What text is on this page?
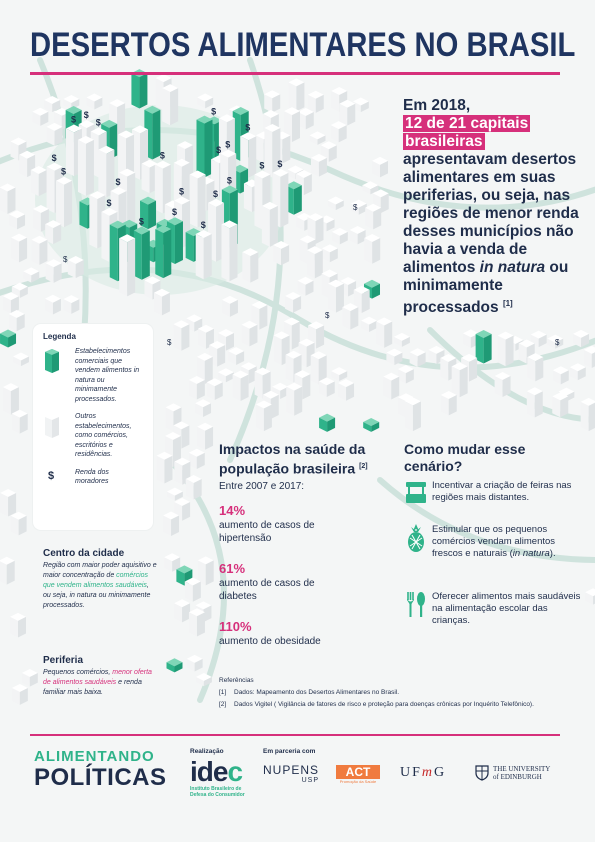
$	$
$ $	$
$
$
$	$
$
$
$
$
$
$
$
$
$
$
$
$
$
$
$
$
DESERTOS ALIMENTARES NO BRASIL
Em 2018,
12 de 21 capitais
brasileiras
apresentavam desertos alimentares em suas periferias, ou seja, nas regiões de menor renda desses municípios não havia a venda de alimentos in natura ou minimamente processados [1]
Legenda
Estabelecimentos comerciais que vendem alimentos in natura ou minimamente processados.
Outros estabelecimentos, como comércios, escritórios e residências.
$	Renda dos moradores
Centro da cidade
Região com maior poder aquisitivo e maior concentração de comércios que vendem alimentos saudáveis, ou seja, in natura ou minimamente processados.
Periferia
Pequenos comércios, menor oferta de alimentos saudáveis e renda familiar mais baixa.
Impactos na saúde da
população brasileira [2]
Entre 2007 e 2017:
14%
aumento de casos de
hipertensão
61%
aumento de casos de
diabetes
110%
aumento de obesidade
Como mudar esse
cenário?
Incentivar a criação de feiras nas regiões mais distantes.
Estimular que os pequenos comércios vendam alimentos frescos e naturais (in natura).
Oferecer alimentos mais saudáveis na alimentação escolar das crianças.
Referências
[1]	Dados: Mapeamento dos Desertos Alimentares no Brasil.
[2]	Dados Vigitel ( Vigilância de fatores de risco e proteção para doenças crônicas por Inquérito Telefônico).
ALIMENTANDO
POLÍTICAS
Realização	Em parceria com
idec
Instituto Brasileiro de Defesa do Consumidor
NUPENS
USP
ACT
Promoção da Saúde
UFmG	THE UNIVERSITY
of EDINBURGH
